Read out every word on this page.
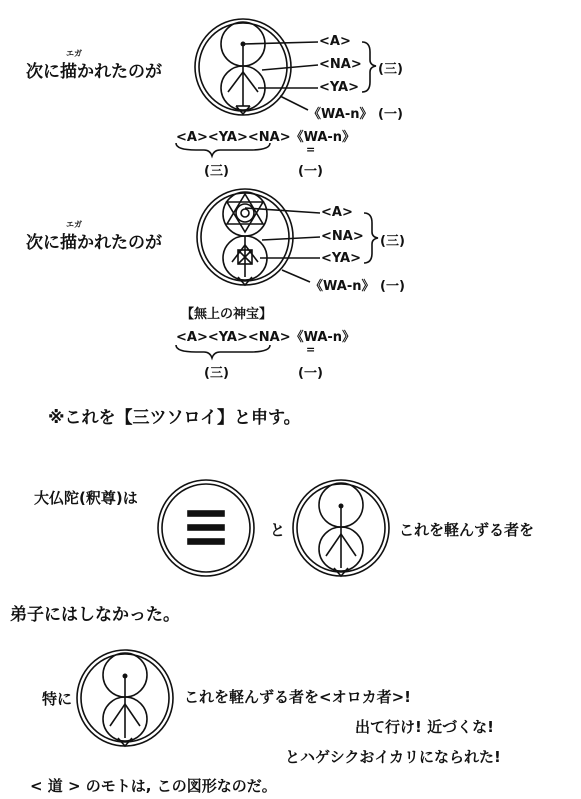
次に描かれたのが
エガ
<A>
<NA>
<YA>
(三)
《WA-n》 (一)
<A><YA><NA>《WA-n》
=
(三)	(一)
次に描かれたのが
エガ
<A>
<NA>
<YA>
(三)
《WA-n》 (一)
【無上の神宝】
<A><YA><NA>《WA-n》
=
(三)	(一)
※これを【三ツソロイ】と申す。
大仏陀(釈尊)は
と	これを軽んずる者を
弟子にはしなかった。
特に	これを軽んずる者を<オロカ者>!
出て行け! 近づくな!
とハゲシクおイカリになられた!
< 道 > のモトは, この図形なのだ。
